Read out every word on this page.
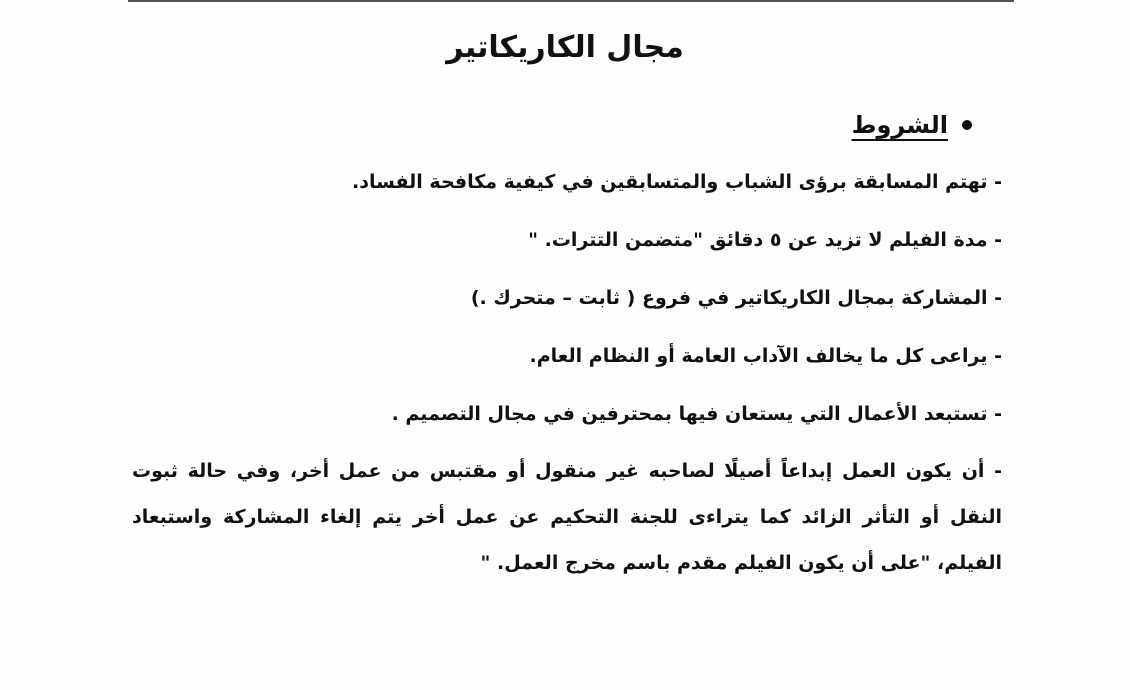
مجال الكاريكاتير
الشروط

- تهتم المسابقة برؤى الشباب والمتسابقين في كيفية مكافحة الفساد.

- مدة الفيلم لا تزيد عن ٥ دقائق "متضمن التترات. "

- المشاركة بمجال الكاريكاتير في فروع ( ثابت – متحرك .)

- يراعى كل ما يخالف الآداب العامة أو النظام العام.

- تستبعد الأعمال التي يستعان فيها بمحترفين في مجال التصميم .

- أن يكون العمل إبداعاً أصيلًا لصاحبه غير منقول أو مقتبس من عمل أخر، وفي حالة ثبوت النقل أو التأثر الزائد كما يتراءى للجنة التحكيم عن عمل أخر يتم إلغاء المشاركة واستبعاد الفيلم، "على أن يكون الفيلم مقدم باسم مخرج العمل. "
